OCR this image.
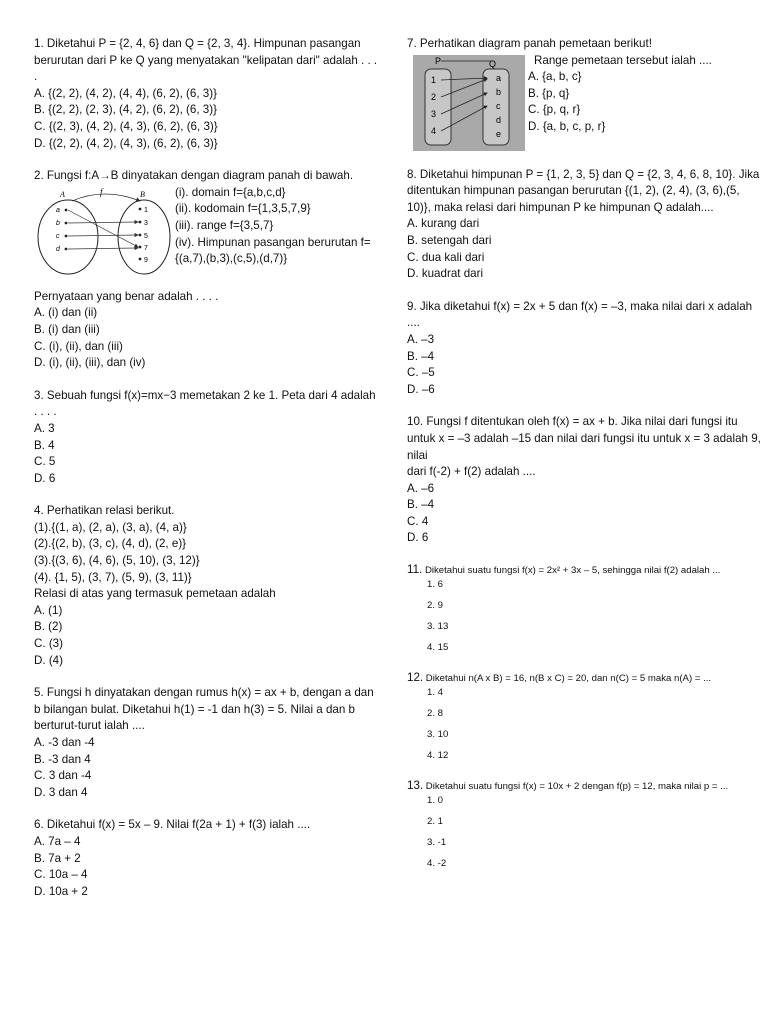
1. Diketahui P = {2, 4, 6} dan Q = {2, 3, 4}. Himpunan pasangan berurutan dari P ke Q yang menyatakan "kelipatan dari" adalah . . . .

A. {(2, 2), (4, 2), (4, 4), (6, 2), (6, 3)}

B. {(2, 2), (2, 3), (4, 2), (6, 2), (6, 3)}

C. {(2, 3), (4, 2), (4, 3), (6, 2), (6, 3)}

D. {(2, 2), (4, 2), (4, 3), (6, 2), (6, 3)}

2. Fungsi f:A→B dinyatakan dengan diagram panah di bawah.

A	f	B
a
b
c
d
1
3
5
7
9

(i). domain f={a,b,c,d}

(ii). kodomain f={1,3,5,7,9}

(iii). range f={3,5,7}

(iv). Himpunan pasangan berurutan f={(a,7),(b,3),(c,5),(d,7)}

Pernyataan yang benar adalah . . . .

A. (i) dan (ii)

B. (i) dan (iii)

C. (i), (ii), dan (iii)

D. (i), (ii), (iii), dan (iv)

3. Sebuah fungsi f(x)=mx−3 memetakan 2 ke 1. Peta dari 4 adalah . . . .

A. 3

B. 4

C. 5

D. 6

4. Perhatikan relasi berikut.

(1).{(1, a), (2, a), (3, a), (4, a)}

(2).{(2, b), (3, c), (4, d), (2, e)}

(3).{(3, 6), (4, 6), (5, 10), (3, 12)}

(4). {1, 5), (3, 7), (5, 9), (3, 11)}

Relasi di atas yang termasuk pemetaan adalah

A. (1)

B. (2)

C. (3)

D. (4)

5. Fungsi h dinyatakan dengan rumus h(x) = ax + b, dengan a dan b bilangan bulat. Diketahui h(1) = -1 dan h(3) = 5. Nilai a dan b berturut-turut ialah ....

A. -3 dan -4

B. -3 dan 4

C. 3 dan -4

D. 3 dan 4

6. Diketahui f(x) = 5x – 9. Nilai f(2a + 1) + f(3) ialah ....

A. 7a – 4

B. 7a + 2

C. 10a – 4

D. 10a + 2

7. Perhatikan diagram panah pemetaan berikut!

P	Q
1
2
3
4
a
b
c
d
e

Range pemetaan tersebut ialah ....

A. {a, b, c}

B. {p, q}

C. {p, q, r}

D. {a, b, c, p, r}

8. Diketahui himpunan P = {1, 2, 3, 5} dan Q = {2, 3, 4, 6, 8, 10}. Jika ditentukan himpunan pasangan berurutan {(1, 2), (2, 4), (3, 6),(5, 10)}, maka relasi dari himpunan P ke himpunan Q adalah....

A. kurang dari

B. setengah dari

C. dua kali dari

D. kuadrat dari

9. Jika diketahui f(x) = 2x + 5 dan f(x) = –3, maka nilai dari x adalah ....

A. –3

B. –4

C. –5

D. –6

10. Fungsi f ditentukan oleh f(x) = ax + b. Jika nilai dari fungsi itu untuk x = –3 adalah –15 dan nilai dari fungsi itu untuk x = 3 adalah 9, nilai

dari f(-2) + f(2) adalah ....

A. –6

B. –4

C. 4

D. 6

11. Diketahui suatu fungsi f(x) = 2x² + 3x – 5, sehingga nilai f(2) adalah ...

1. 6

2. 9

3. 13

4. 15

12. Diketahui n(A x B) = 16, n(B x C) = 20, dan n(C) = 5 maka n(A) = ...

1. 4

2. 8

3. 10

4. 12

13. Diketahui suatu fungsi f(x) = 10x + 2 dengan f(p) = 12, maka nilai p = ...

1. 0

2. 1

3. -1

4. -2
